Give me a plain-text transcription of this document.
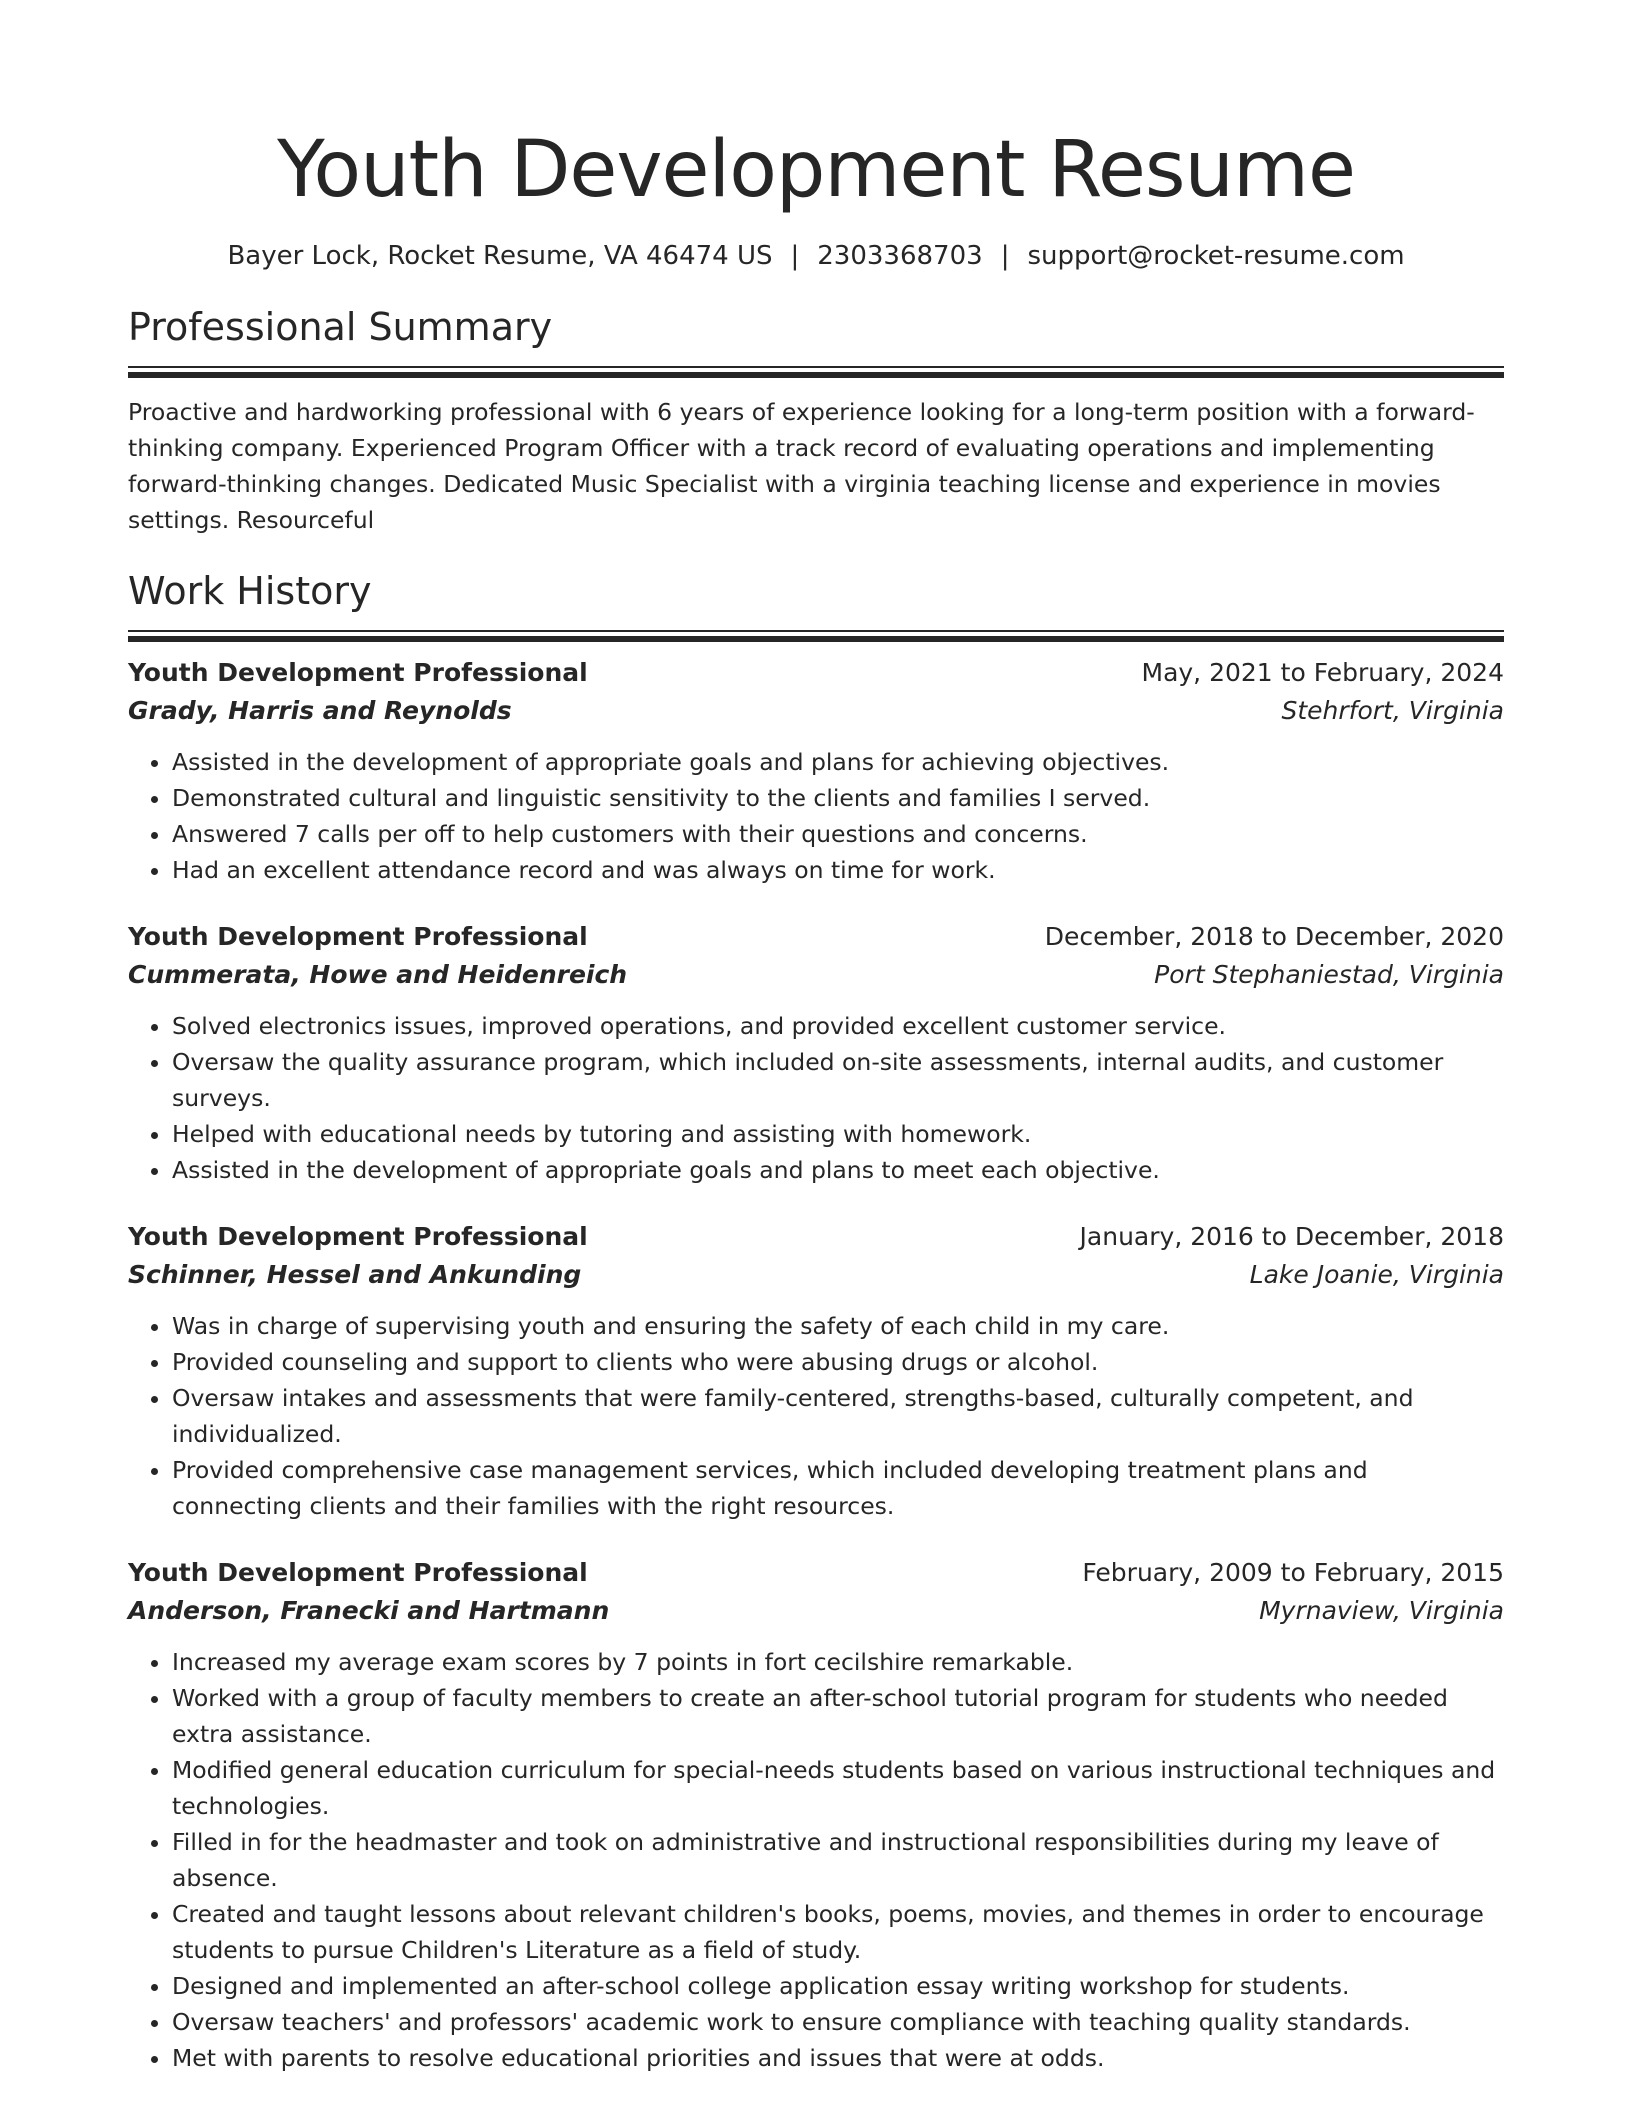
Youth Development Resume
Bayer Lock, Rocket Resume, VA 46474 US | 2303368703 | support@rocket-resume.com
Professional Summary

Proactive and hardworking professional with 6 years of experience looking for a long-term position with a forward-thinking company. Experienced Program Officer with a track record of evaluating operations and implementing forward-thinking changes. Dedicated Music Specialist with a virginia teaching license and experience in movies settings. Resourceful

Work History
Youth Development Professional	May, 2021 to February, 2024
Grady, Harris and Reynolds	Stehrfort, Virginia
• Assisted in the development of appropriate goals and plans for achieving objectives.
• Demonstrated cultural and linguistic sensitivity to the clients and families I served.
• Answered 7 calls per off to help customers with their questions and concerns.
• Had an excellent attendance record and was always on time for work.
Youth Development Professional	December, 2018 to December, 2020
Cummerata, Howe and Heidenreich	Port Stephaniestad, Virginia
• Solved electronics issues, improved operations, and provided excellent customer service.
• Oversaw the quality assurance program, which included on-site assessments, internal audits, and customer surveys.
• Helped with educational needs by tutoring and assisting with homework.
• Assisted in the development of appropriate goals and plans to meet each objective.
Youth Development Professional	January, 2016 to December, 2018
Schinner, Hessel and Ankunding	Lake Joanie, Virginia
• Was in charge of supervising youth and ensuring the safety of each child in my care.
• Provided counseling and support to clients who were abusing drugs or alcohol.
• Oversaw intakes and assessments that were family-centered, strengths-based, culturally competent, and individualized.
• Provided comprehensive case management services, which included developing treatment plans and connecting clients and their families with the right resources.
Youth Development Professional	February, 2009 to February, 2015
Anderson, Franecki and Hartmann	Myrnaview, Virginia
• Increased my average exam scores by 7 points in fort cecilshire remarkable.
• Worked with a group of faculty members to create an after-school tutorial program for students who needed extra assistance.
• Modified general education curriculum for special-needs students based on various instructional techniques and technologies.
• Filled in for the headmaster and took on administrative and instructional responsibilities during my leave of absence.
• Created and taught lessons about relevant children's books, poems, movies, and themes in order to encourage students to pursue Children's Literature as a field of study.
• Designed and implemented an after-school college application essay writing workshop for students.
• Oversaw teachers' and professors' academic work to ensure compliance with teaching quality standards.
• Met with parents to resolve educational priorities and issues that were at odds.
